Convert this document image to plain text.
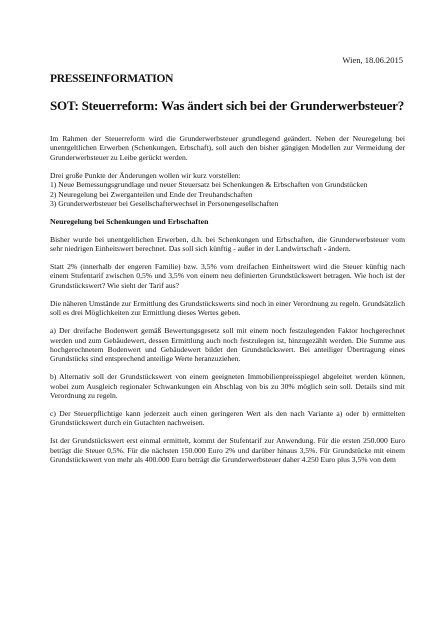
Wien, 18.06.2015
PRESSEINFORMATION
SOT: Steuerreform: Was ändert sich bei der Grunderwerbsteuer?

Im Rahmen der Steuerreform wird die Grunderwerbsteuer grundlegend geändert. Neben der Neuregelung bei unentgeltlichen Erwerben (Schenkungen, Erbschaft), soll auch den bisher gängigen Modellen zur Vermeidung der Grunderwerbsteuer zu Leibe gerückt werden.

Drei große Punkte der Änderungen wollen wir kurz vorstellen:

1) Neue Bemessungsgrundlage und neuer Steuersatz bei Schenkungen & Erbschaften von Grundstücken

2) Neuregelung bei Zwerganteilen und Ende der Treuhandschaften

3) Grunderwerbsteuer bei Gesellschafterwechsel in Personengesellschaften

Neuregelung bei Schenkungen und Erbschaften

Bisher wurde bei unentgeltlichen Erwerben, d.h. bei Schenkungen und Erbschaften, die Grunderwerbsteuer vom sehr niedrigen Einheitswert berechnet. Das soll sich künftig - außer in der Landwirtschaft - ändern.

Statt 2% (innerhalb der engeren Familie) bzw. 3,5% vom dreifachen Einheitswert wird die Steuer künftig nach einem Stufentarif zwischen 0,5% und 3,5% von einem neu definierten Grundstückswert betragen. Wie hoch ist der Grundstückswert? Wie sieht der Tarif aus?

Die näheren Umstände zur Ermittlung des Grundstückswerts sind noch in einer Verordnung zu regeln. Grundsätzlich soll es drei Möglichkeiten zur Ermittlung dieses Wertes geben.

a) Der dreifache Bodenwert gemäß Bewertungsgesetz soll mit einem noch festzulegenden Faktor hochgerechnet werden und zum Gebäudewert, dessen Ermittlung auch noch festzulegen ist, hinzugezählt werden. Die Summe aus hochgerechnetem Bodenwert und Gebäudewert bildet den Grundstückswert. Bei anteiliger Übertragung eines Grundstücks sind entsprechend anteilige Werte heranzuziehen.

b) Alternativ soll der Grundstückswert von einem geeigneten Immobilienpreisspiegel abgeleitet werden können, wobei zum Ausgleich regionaler Schwankungen ein Abschlag von bis zu 30% möglich sein soll. Details sind mit Verordnung zu regeln.

c) Der Steuerpflichtige kann jederzeit auch einen geringeren Wert als den nach Variante a) oder b) ermittelten Grundstückswert durch ein Gutachten nachweisen.

Ist der Grundstückswert erst einmal ermittelt, kommt der Stufentarif zur Anwendung. Für die ersten 250.000 Euro beträgt die Steuer 0,5%. Für die nächsten 150.000 Euro 2% und darüber hinaus 3,5%. Für Grundstücke mit einem Grundstückswert von mehr als 400.000 Euro beträgt die Grunderwerbsteuer daher 4.250 Euro plus 3,5% von dem
